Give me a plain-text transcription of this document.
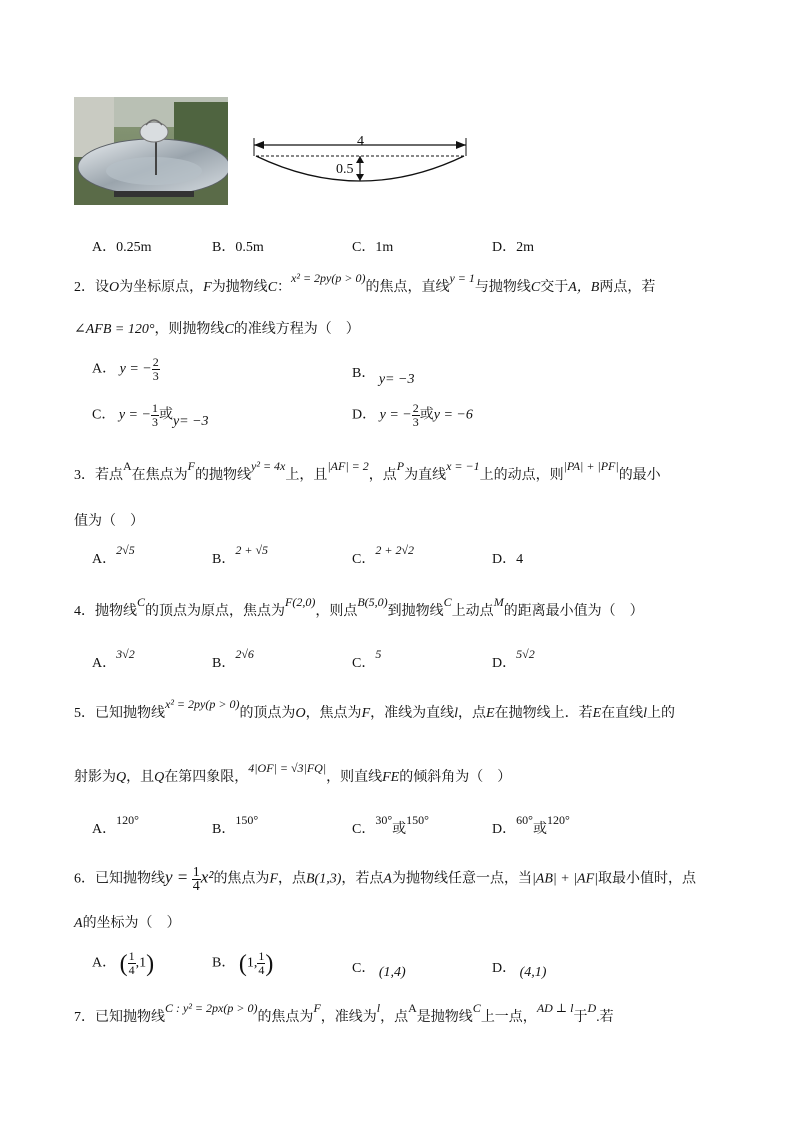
4
0.5
A．0.25m	B．0.5m	C．1m	D．2m
2．设O为坐标原点，F为抛物线C：x² = 2py(p > 0)的焦点，直线y = 1与抛物线C交于A，B两点，若
∠AFB = 120°，则抛物线C的准线方程为（　）
A． y = − $\frac{2}{3}$	B． y= −3
C． y = − $\frac{1}{3}$ 或y= −3	D． y = − $\frac{2}{3}$ 或y = −6
3．若点A在焦点为F的抛物线y² = 4x上，且|AF| = 2，点P为直线x = −1上的动点，则|PA| + |PF|的最小
值为（　）
A．2√5
B．2 + √5
C．2 + 2√2
D．4
4．抛物线C的顶点为原点，焦点为F(2,0)，则点B(5,0)到抛物线C上动点M的距离最小值为（　）
A．3√2
B．2√6
C．5
D．5√2
5．已知抛物线x² = 2py(p > 0)的顶点为O，焦点为F，准线为直线l，点E在抛物线上．若E在直线l上的
射影为Q，且Q在第四象限，4|OF| = √3|FQ|，则直线FE的倾斜角为（　）
A．120°
B．150°
C．30°或150°
D．60°或120°
6．已知抛物线$y = \frac{1}{4} x^2$的焦点为F，点B(1,3)，若点A为抛物线任意一点，当|AB| + |AF|取最小值时，点
A的坐标为（　）
A． ( $\frac{1}{4} ,1$)	B． (1, $\frac{1}{4}$ )	C． (1,4)	D． (4,1)
7．已知抛物线C : y² = 2px(p > 0)的焦点为F，准线为l，点A是抛物线C上一点，AD ⊥ l于D.若
